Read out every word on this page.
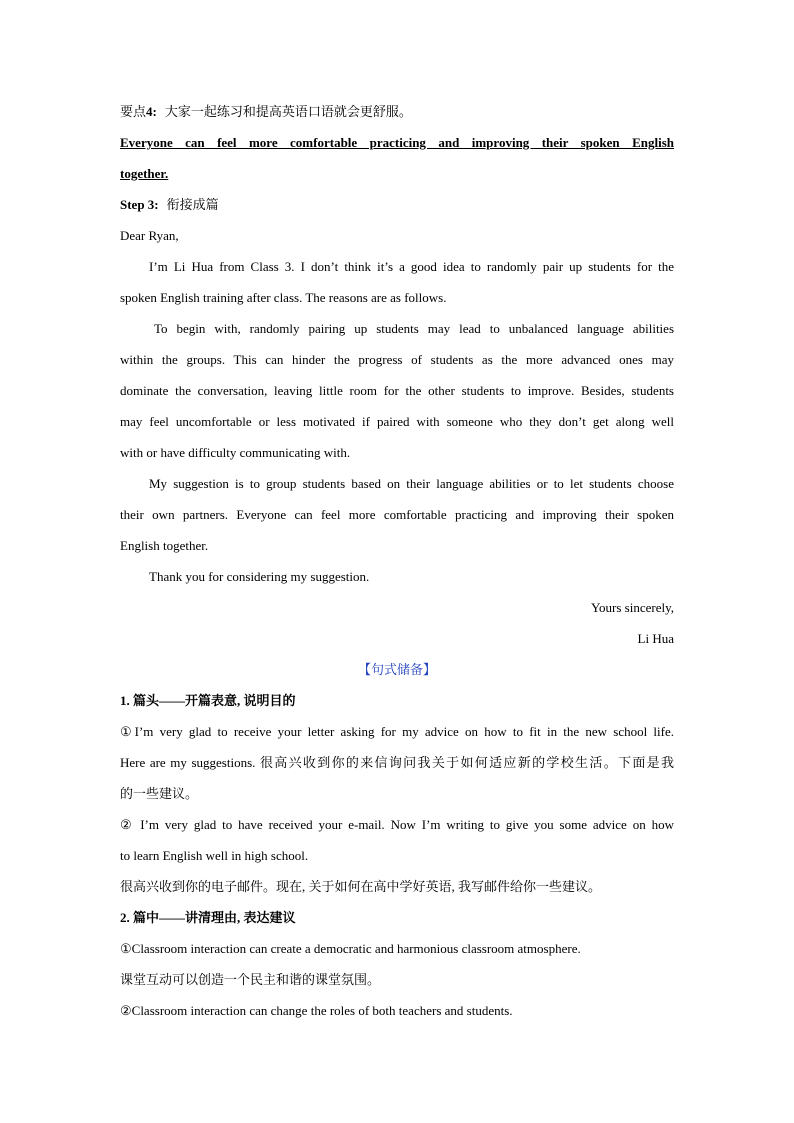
要点4: 大家一起练习和提高英语口语就会更舒服。
Everyone can feel more comfortable practicing and improving their spoken English
together.
Step 3: 衔接成篇
Dear Ryan,
I’m Li Hua from Class 3. I don’t think it’s a good idea to randomly pair up students for the
spoken English training after class. The reasons are as follows.
To begin with, randomly pairing up students may lead to unbalanced language abilities
within the groups. This can hinder the progress of students as the more advanced ones may
dominate the conversation, leaving little room for the other students to improve. Besides, students
may feel uncomfortable or less motivated if paired with someone who they don’t get along well
with or have difficulty communicating with.
My suggestion is to group students based on their language abilities or to let students choose
their own partners. Everyone can feel more comfortable practicing and improving their spoken
English together.
Thank you for considering my suggestion.
Yours sincerely,
Li Hua
【句式储备】
1. 篇头——开篇表意, 说明目的
①I’m very glad to receive your letter asking for my advice on how to fit in the new school life.
Here are my suggestions. 很高兴收到你的来信询问我关于如何适应新的学校生活。下面是我
的一些建议。
② I’m very glad to have received your e-mail. Now I’m writing to give you some advice on how
to learn English well in high school.
很高兴收到你的电子邮件。现在, 关于如何在高中学好英语, 我写邮件给你一些建议。
2. 篇中——讲清理由, 表达建议
①Classroom interaction can create a democratic and harmonious classroom atmosphere.
课堂互动可以创造一个民主和谐的课堂氛围。
②Classroom interaction can change the roles of both teachers and students.
